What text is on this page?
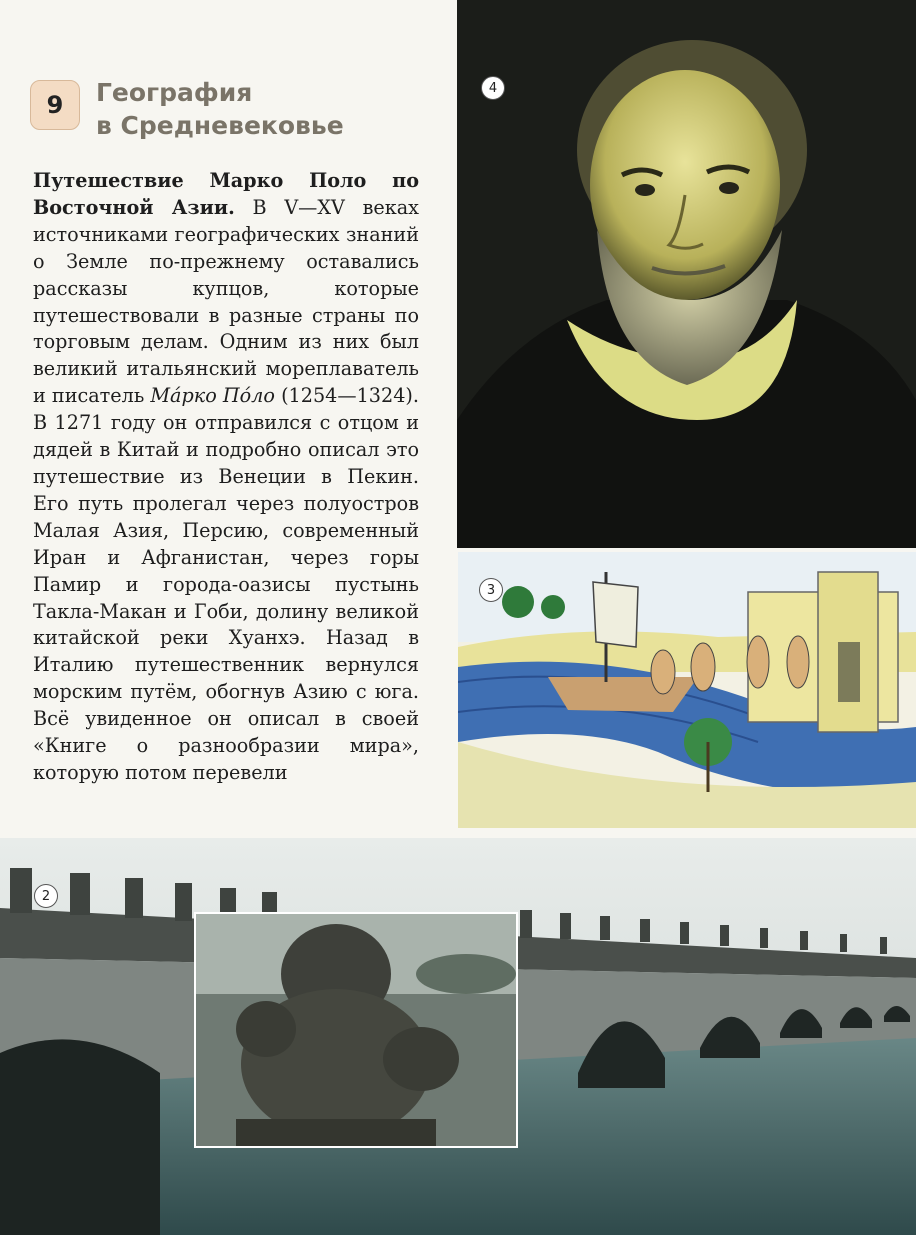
9	География
в Средневековье

Путешествие Марко Поло по Восточной Азии. В V—XV веках источниками географических знаний о Земле по-прежнему оставались рассказы купцов, которые путешествовали в разные страны по торговым делам. Одним из них был великий итальянский мореплаватель и писатель Ма́рко По́ло (1254—1324). В 1271 году он отправился с отцом и дядей в Китай и подробно описал это путешествие из Венеции в Пекин. Его путь пролегал через полуостров Малая Азия, Персию, современный Иран и Афганистан, через горы Памир и города-оазисы пустынь Такла-Макан и Гоби, долину великой китайской реки Хуанхэ. Назад в Италию путешественник вернулся морским путём, обогнув Азию с юга. Всё увиденное он описал в своей «Книге о разнообразии мира», которую потом перевели

4
3
2
